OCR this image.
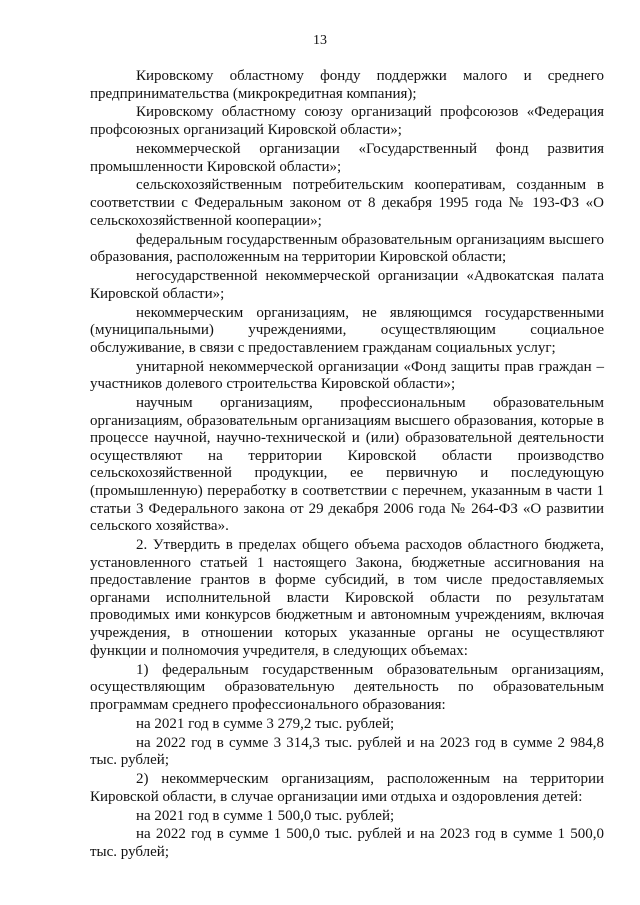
13

Кировскому областному фонду поддержки малого и среднего предпринимательства (микрокредитная компания);

Кировскому областному союзу организаций профсоюзов «Федерация профсоюзных организаций Кировской области»;

некоммерческой организации «Государственный фонд развития промышленности Кировской области»;

сельскохозяйственным потребительским кооперативам, созданным в соответствии с Федеральным законом от 8 декабря 1995 года № 193-ФЗ «О сельскохозяйственной кооперации»;

федеральным государственным образовательным организациям высшего образования, расположенным на территории Кировской области;

негосударственной некоммерческой организации «Адвокатская палата Кировской области»;

некоммерческим организациям, не являющимся государственными (муниципальными) учреждениями, осуществляющим социальное обслуживание, в связи с предоставлением гражданам социальных услуг;

унитарной некоммерческой организации «Фонд защиты прав граждан – участников долевого строительства Кировской области»;

научным организациям, профессиональным образовательным организациям, образовательным организациям высшего образования, которые в процессе научной, научно-технической и (или) образовательной деятельности осуществляют на территории Кировской области производство сельскохозяйственной продукции, ее первичную и последующую (промышленную) переработку в соответствии с перечнем, указанным в части 1 статьи 3 Федерального закона от 29 декабря 2006 года № 264-ФЗ «О развитии сельского хозяйства».

2. Утвердить в пределах общего объема расходов областного бюджета, установленного статьей 1 настоящего Закона, бюджетные ассигнования на предоставление грантов в форме субсидий, в том числе предоставляемых органами исполнительной власти Кировской области по результатам проводимых ими конкурсов бюджетным и автономным учреждениям, включая учреждения, в отношении которых указанные органы не осуществляют функции и полномочия учредителя, в следующих объемах:

1) федеральным государственным образовательным организациям, осуществляющим образовательную деятельность по образовательным программам среднего профессионального образования:

на 2021 год в сумме 3 279,2 тыс. рублей;

на 2022 год в сумме 3 314,3 тыс. рублей и на 2023 год в сумме 2 984,8 тыс. рублей;

2) некоммерческим организациям, расположенным на территории Кировской области, в случае организации ими отдыха и оздоровления детей:

на 2021 год в сумме 1 500,0 тыс. рублей;

на 2022 год в сумме 1 500,0 тыс. рублей и на 2023 год в сумме 1 500,0 тыс. рублей;
